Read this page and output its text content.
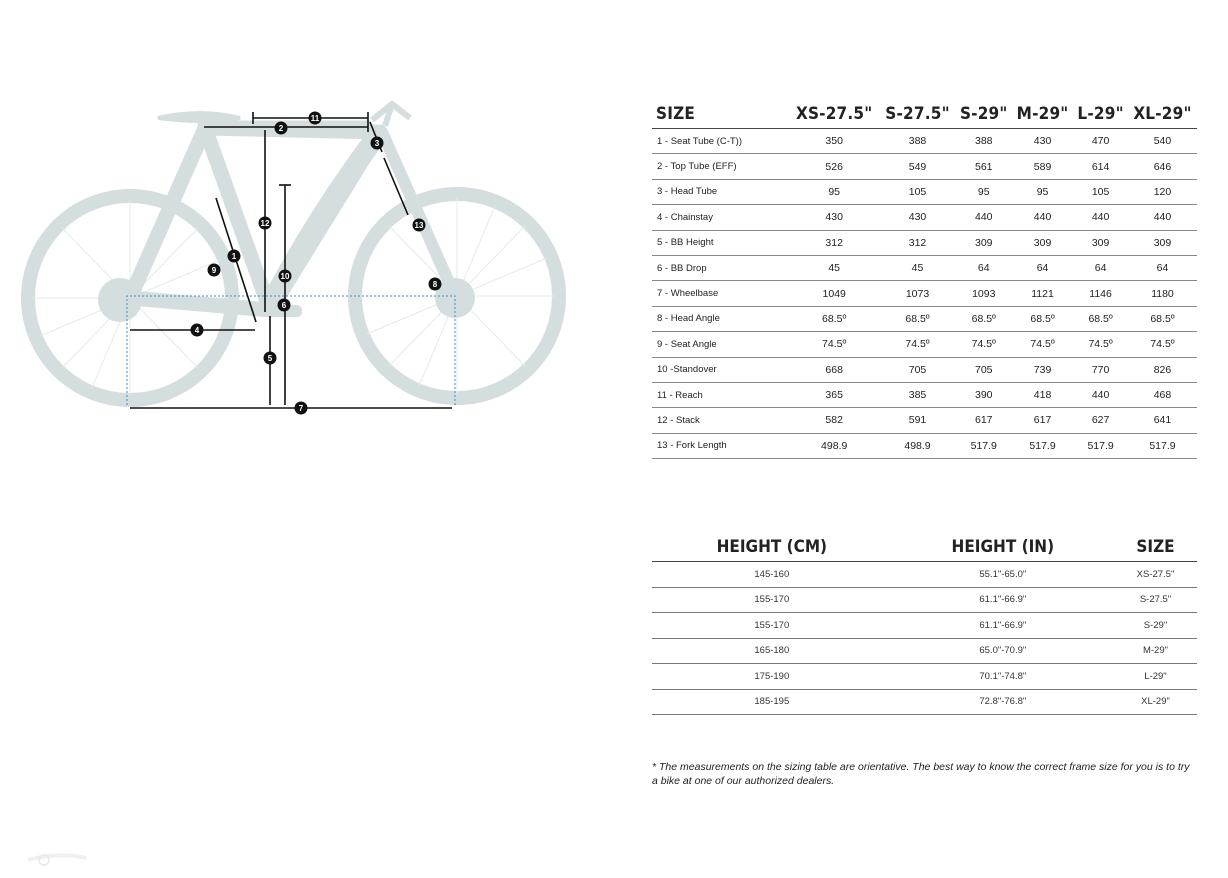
1
2
3
4
5
6
7
8
9
10
11
12	13
SIZE	XS-27.5"	S-27.5"	S-29"	M-29"	L-29"	XL-29"
1 - Seat Tube (C-T))	350	388	388	430	470	540
2 - Top Tube (EFF)	526	549	561	589	614	646
3 - Head Tube	95	105	95	95	105	120
4 - Chainstay	430	430	440	440	440	440
5 - BB Height	312	312	309	309	309	309
6 - BB Drop	45	45	64	64	64	64
7 - Wheelbase	1049	1073	1093	1121	1146	1180
8 - Head Angle	68.5º	68.5º	68.5º	68.5º	68.5º	68.5º
9 - Seat Angle	74.5º	74.5º	74.5º	74.5º	74.5º	74.5º
10 -Standover	668	705	705	739	770	826
11 - Reach	365	385	390	418	440	468
12 - Stack	582	591	617	617	627	641
13 - Fork Length	498.9	498.9	517.9	517.9	517.9	517.9
HEIGHT (CM)	HEIGHT (IN)	SIZE
145-160	55.1"-65.0"	XS-27.5"
155-170	61.1"-66.9"	S-27.5"
155-170	61.1"-66.9"	S-29"
165-180	65.0"-70.9"	M-29"
175-190	70.1"-74.8"	L-29"
185-195	72.8"-76.8"	XL-29"
* The measurements on the sizing table are orientative. The best way to know the correct frame size for you is to try a bike at one of our authorized dealers.
